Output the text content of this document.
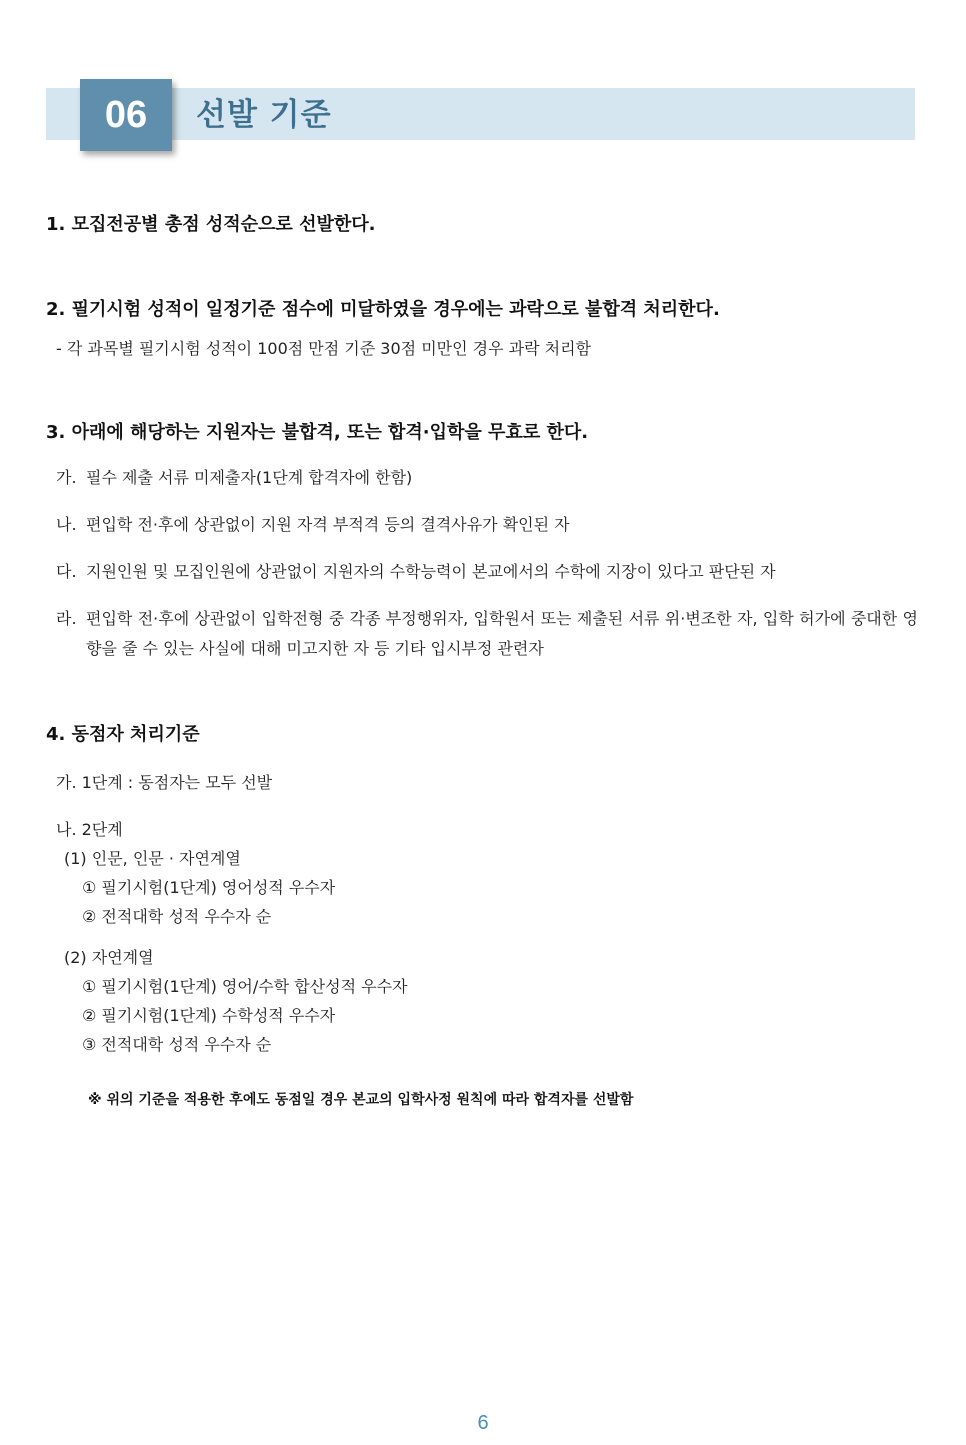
06	선발 기준
1. 모집전공별 총점 성적순으로 선발한다.
2. 필기시험 성적이 일정기준 점수에 미달하였을 경우에는 과락으로 불합격 처리한다.
- 각 과목별 필기시험 성적이 100점 만점 기준 30점 미만인 경우 과락 처리함
3. 아래에 해당하는 지원자는 불합격, 또는 합격·입학을 무효로 한다.
가. 필수 제출 서류 미제출자(1단계 합격자에 한함)
나. 편입학 전·후에 상관없이 지원 자격 부적격 등의 결격사유가 확인된 자
다. 지원인원 및 모집인원에 상관없이 지원자의 수학능력이 본교에서의 수학에 지장이 있다고 판단된 자
라. 편입학 전·후에 상관없이 입학전형 중 각종 부정행위자, 입학원서 또는 제출된 서류 위·변조한 자, 입학 허가에 중대한 영향을 줄 수 있는 사실에 대해 미고지한 자 등 기타 입시부정 관련자
4. 동점자 처리기준
가. 1단계 : 동점자는 모두 선발
나. 2단계
(1) 인문, 인문 · 자연계열
① 필기시험(1단계) 영어성적 우수자
② 전적대학 성적 우수자 순
(2) 자연계열
① 필기시험(1단계) 영어/수학 합산성적 우수자
② 필기시험(1단계) 수학성적 우수자
③ 전적대학 성적 우수자 순
※ 위의 기준을 적용한 후에도 동점일 경우 본교의 입학사정 원칙에 따라 합격자를 선발함
6
